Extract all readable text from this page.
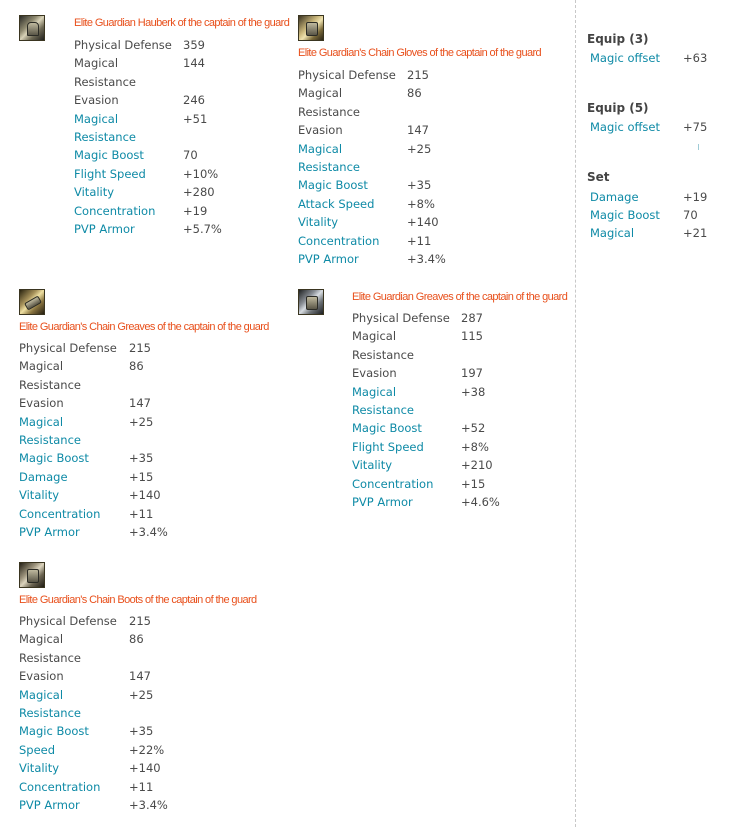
Elite Guardian Hauberk of the captain of the guard
Physical Defense 359
Magical	144
Resistance
Evasion	246
Magical	+51
Resistance
Magic Boost	70
Flight Speed	+10%
Vitality	+280
Concentration +19
PVP Armor	+5.7%
Elite Guardian's Chain Gloves of the captain of the guard
Physical Defense 215
Magical	86
Resistance
Evasion	147
Magical	+25
Resistance
Magic Boost	+35
Attack Speed	+8%
Vitality	+140
Concentration +11
PVP Armor	+3.4%
Elite Guardian's Chain Greaves of the captain of the guard
Physical Defense 215
Magical	86
Resistance
Evasion	147
Magical	+25
Resistance
Magic Boost	+35
Damage	+15
Vitality	+140
Concentration +11
PVP Armor	+3.4%
Elite Guardian Greaves of the captain of the guard
Physical Defense 287
Magical	115
Resistance
Evasion	197
Magical	+38
Resistance
Magic Boost	+52
Flight Speed	+8%
Vitality	+210
Concentration +15
PVP Armor	+4.6%
Elite Guardian's Chain Boots of the captain of the guard
Physical Defense 215
Magical	86
Resistance
Evasion	147
Magical	+25
Resistance
Magic Boost	+35
Speed	+22%
Vitality	+140
Concentration +11
PVP Armor	+3.4%
Equip (3)
Magic offset +63
Equip (5)
Magic offset +75
Set
Damage	+19
Magic Boost 70
Magical	+21
